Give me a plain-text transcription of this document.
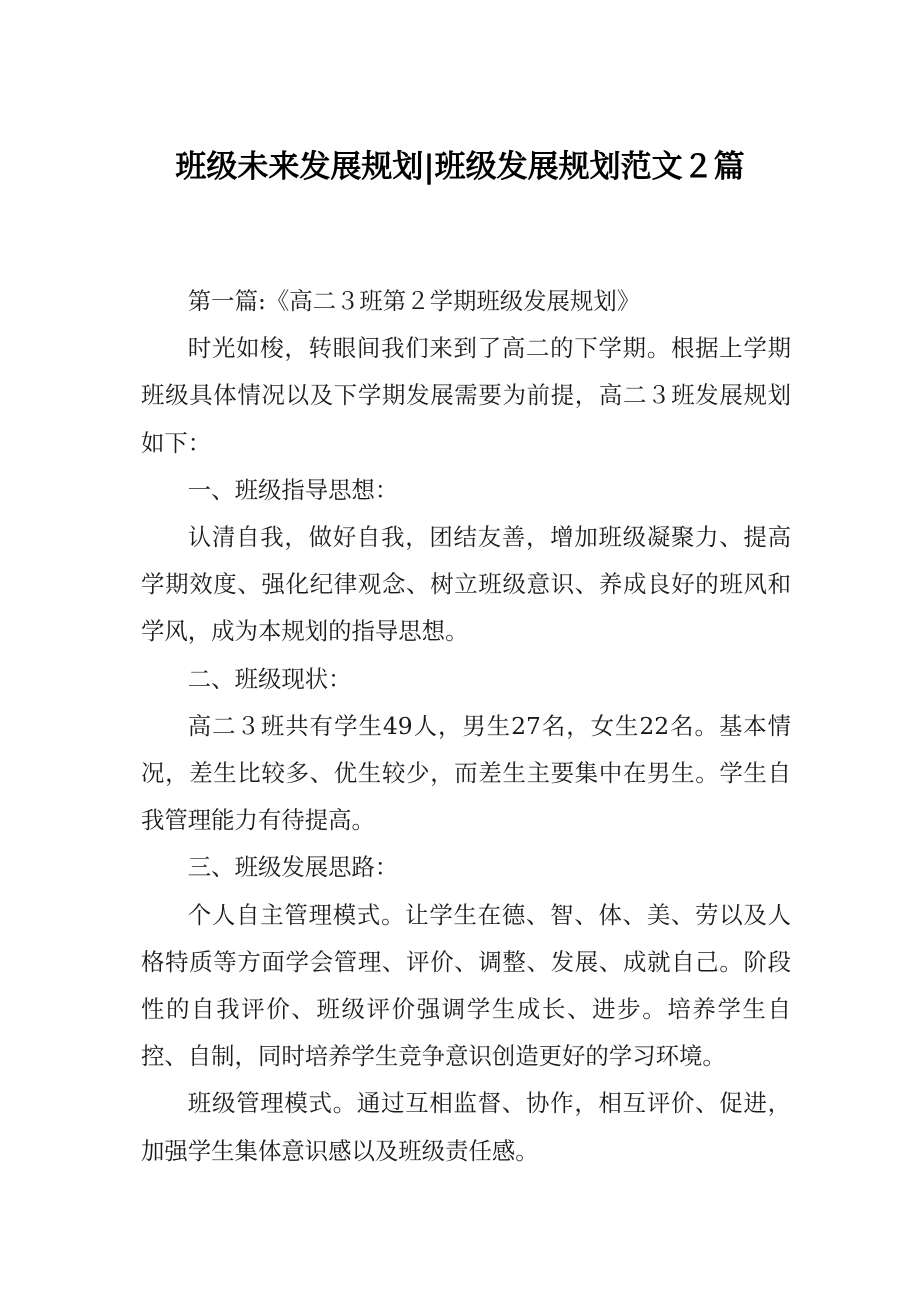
班级未来发展规划|班级发展规划范文２篇

第一篇:《高二３班第２学期班级发展规划》

时光如梭，转眼间我们来到了高二的下学期。根据上学期班级具体情况以及下学期发展需要为前提，高二３班发展规划如下：

一、班级指导思想：

认清自我，做好自我，团结友善，增加班级凝聚力、提高学期效度、强化纪律观念、树立班级意识、养成良好的班风和学风，成为本规划的指导思想。

二、班级现状：

高二３班共有学生49人，男生27名，女生22名。基本情况，差生比较多、优生较少，而差生主要集中在男生。学生自我管理能力有待提高。

三、班级发展思路：

个人自主管理模式。让学生在德、智、体、美、劳以及人格特质等方面学会管理、评价、调整、发展、成就自己。阶段性的自我评价、班级评价强调学生成长、进步。培养学生自控、自制，同时培养学生竞争意识创造更好的学习环境。

班级管理模式。通过互相监督、协作，相互评价、促进，加强学生集体意识感以及班级责任感。
